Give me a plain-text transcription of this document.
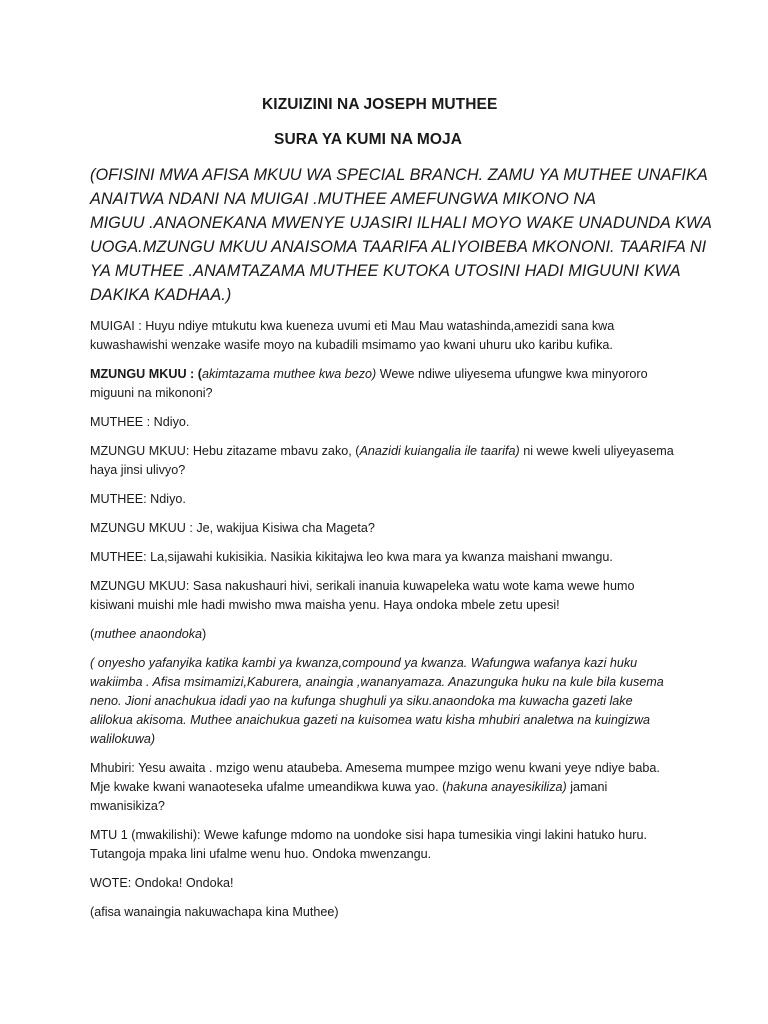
KIZUIZINI NA JOSEPH MUTHEE
SURA YA KUMI NA MOJA
(OFISINI MWA AFISA MKUU WA SPECIAL BRANCH. ZAMU YA MUTHEE UNAFIKA
ANAITWA NDANI NA MUIGAI .MUTHEE AMEFUNGWA MIKONO NA
MIGUU .ANAONEKANA MWENYE UJASIRI ILHALI MOYO WAKE UNADUNDA KWA
UOGA.MZUNGU MKUU ANAISOMA TAARIFA ALIYOIBEBA MKONONI. TAARIFA NI
YA MUTHEE .ANAMTAZAMA MUTHEE KUTOKA UTOSINI HADI MIGUUNI KWA
DAKIKA KADHAA.)
MUIGAI : Huyu ndiye mtukutu kwa kueneza uvumi eti Mau Mau watashinda,amezidi sana kwa
kuwashawishi wenzake wasife moyo na kubadili msimamo yao kwani uhuru uko karibu kufika.
MZUNGU MKUU : (akimtazama muthee kwa bezo) Wewe ndiwe uliyesema ufungwe kwa minyororo
miguuni na mikononi?
MUTHEE : Ndiyo.
MZUNGU MKUU: Hebu zitazame mbavu zako, (Anazidi kuiangalia ile taarifa) ni wewe kweli uliyeyasema
haya jinsi ulivyo?
MUTHEE: Ndiyo.
MZUNGU MKUU : Je, wakijua Kisiwa cha Mageta?
MUTHEE: La,sijawahi kukisikia. Nasikia kikitajwa leo kwa mara ya kwanza maishani mwangu.
MZUNGU MKUU: Sasa nakushauri hivi, serikali inanuia kuwapeleka watu wote kama wewe humo
kisiwani muishi mle hadi mwisho mwa maisha yenu. Haya ondoka mbele zetu upesi!
(muthee anaondoka)
( onyesho yafanyika katika kambi ya kwanza,compound ya kwanza. Wafungwa wafanya kazi huku
wakiimba . Afisa msimamizi,Kaburera, anaingia ,wananyamaza. Anazunguka huku na kule bila kusema
neno. Jioni anachukua idadi yao na kufunga shughuli ya siku.anaondoka ma kuwacha gazeti lake
alilokua akisoma. Muthee anaichukua gazeti na kuisomea watu kisha mhubiri analetwa na kuingizwa
walilokuwa)
Mhubiri: Yesu awaita . mzigo wenu ataubeba. Amesema mumpee mzigo wenu kwani yeye ndiye baba.
Mje kwake kwani wanaoteseka ufalme umeandikwa kuwa yao. (hakuna anayesikiliza) jamani
mwanisikiza?
MTU 1 (mwakilishi): Wewe kafunge mdomo na uondoke sisi hapa tumesikia vingi lakini hatuko huru.
Tutangoja mpaka lini ufalme wenu huo. Ondoka mwenzangu.
WOTE: Ondoka! Ondoka!
(afisa wanaingia nakuwachapa kina Muthee)
